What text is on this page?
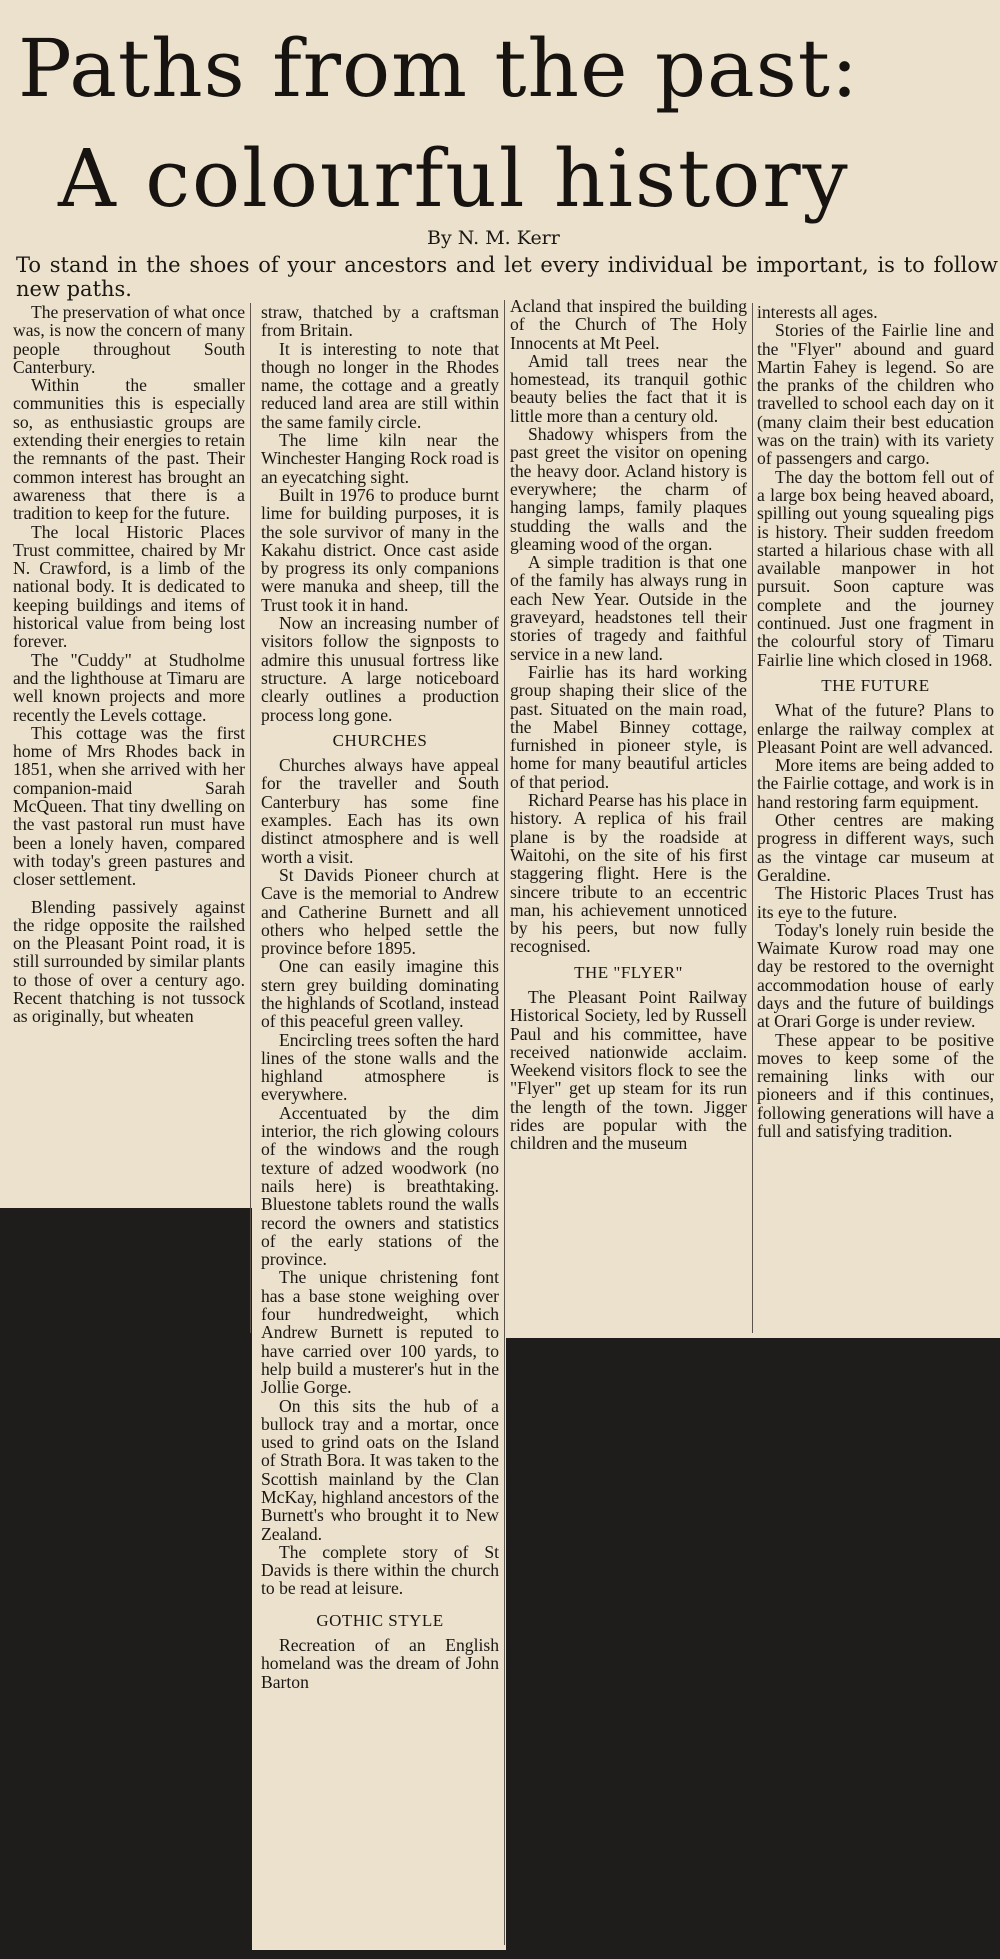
Paths from the past:
A colourful history
By N. M. Kerr
To stand in the shoes of your ancestors and let every individual be important, is to follow new paths.

The preservation of what once was, is now the concern of many people throughout South Canterbury.

Within the smaller communities this is especially so, as enthusiastic groups are extending their energies to retain the remnants of the past. Their common interest has brought an awareness that there is a tradition to keep for the future.

The local Historic Places Trust committee, chaired by Mr N. Crawford, is a limb of the national body. It is dedicated to keeping buildings and items of historical value from being lost forever.

The "Cuddy" at Studholme and the lighthouse at Timaru are well known projects and more recently the Levels cottage.

This cottage was the first home of Mrs Rhodes back in 1851, when she arrived with her companion-maid Sarah McQueen. That tiny dwelling on the vast pastoral run must have been a lonely haven, compared with today's green pastures and closer settlement.

Blending passively against the ridge opposite the railshed on the Pleasant Point road, it is still surrounded by similar plants to those of over a century ago. Recent thatching is not tussock as originally, but wheaten

straw, thatched by a craftsman from Britain.

It is interesting to note that though no longer in the Rhodes name, the cottage and a greatly reduced land area are still within the same family circle.

The lime kiln near the Winchester Hanging Rock road is an eyecatching sight.

Built in 1976 to produce burnt lime for building purposes, it is the sole survivor of many in the Kakahu district. Once cast aside by progress its only companions were manuka and sheep, till the Trust took it in hand.

Now an increasing number of visitors follow the signposts to admire this unusual fortress like structure. A large noticeboard clearly outlines a production process long gone.

CHURCHES

Churches always have appeal for the traveller and South Canterbury has some fine examples. Each has its own distinct atmosphere and is well worth a visit.

St Davids Pioneer church at Cave is the memorial to Andrew and Catherine Burnett and all others who helped settle the province before 1895.

One can easily imagine this stern grey building dominating the highlands of Scotland, instead of this peaceful green valley.

Encircling trees soften the hard lines of the stone walls and the highland atmosphere is everywhere.

Accentuated by the dim interior, the rich glowing colours of the windows and the rough texture of adzed woodwork (no nails here) is breathtaking. Bluestone tablets round the walls record the owners and statistics of the early stations of the province.

The unique christening font has a base stone weighing over four hundredweight, which Andrew Burnett is reputed to have carried over 100 yards, to help build a musterer's hut in the Jollie Gorge.

On this sits the hub of a bullock tray and a mortar, once used to grind oats on the Island of Strath Bora. It was taken to the Scottish mainland by the Clan McKay, highland ancestors of the Burnett's who brought it to New Zealand.

The complete story of St Davids is there within the church to be read at leisure.

GOTHIC STYLE

Recreation of an English homeland was the dream of John Barton

Acland that inspired the building of the Church of The Holy Innocents at Mt Peel.

Amid tall trees near the homestead, its tranquil gothic beauty belies the fact that it is little more than a century old.

Shadowy whispers from the past greet the visitor on opening the heavy door. Acland history is everywhere; the charm of hanging lamps, family plaques studding the walls and the gleaming wood of the organ.

A simple tradition is that one of the family has always rung in each New Year. Outside in the graveyard, headstones tell their stories of tragedy and faithful service in a new land.

Fairlie has its hard working group shaping their slice of the past. Situated on the main road, the Mabel Binney cottage, furnished in pioneer style, is home for many beautiful articles of that period.

Richard Pearse has his place in history. A replica of his frail plane is by the roadside at Waitohi, on the site of his first staggering flight. Here is the sincere tribute to an eccentric man, his achievement unnoticed by his peers, but now fully recognised.

THE "FLYER"

The Pleasant Point Railway Historical Society, led by Russell Paul and his committee, have received nationwide acclaim. Weekend visitors flock to see the "Flyer" get up steam for its run the length of the town. Jigger rides are popular with the children and the museum

interests all ages.

Stories of the Fairlie line and the "Flyer" abound and guard Martin Fahey is legend. So are the pranks of the children who travelled to school each day on it (many claim their best education was on the train) with its variety of passengers and cargo.

The day the bottom fell out of a large box being heaved aboard, spilling out young squealing pigs is history. Their sudden freedom started a hilarious chase with all available manpower in hot pursuit. Soon capture was complete and the journey continued. Just one fragment in the colourful story of Timaru Fairlie line which closed in 1968.

THE FUTURE

What of the future? Plans to enlarge the railway complex at Pleasant Point are well advanced.

More items are being added to the Fairlie cottage, and work is in hand restoring farm equipment.

Other centres are making progress in different ways, such as the vintage car museum at Geraldine.

The Historic Places Trust has its eye to the future.

Today's lonely ruin beside the Waimate Kurow road may one day be restored to the overnight accommodation house of early days and the future of buildings at Orari Gorge is under review.

These appear to be positive moves to keep some of the remaining links with our pioneers and if this continues, following generations will have a full and satisfying tradition.
